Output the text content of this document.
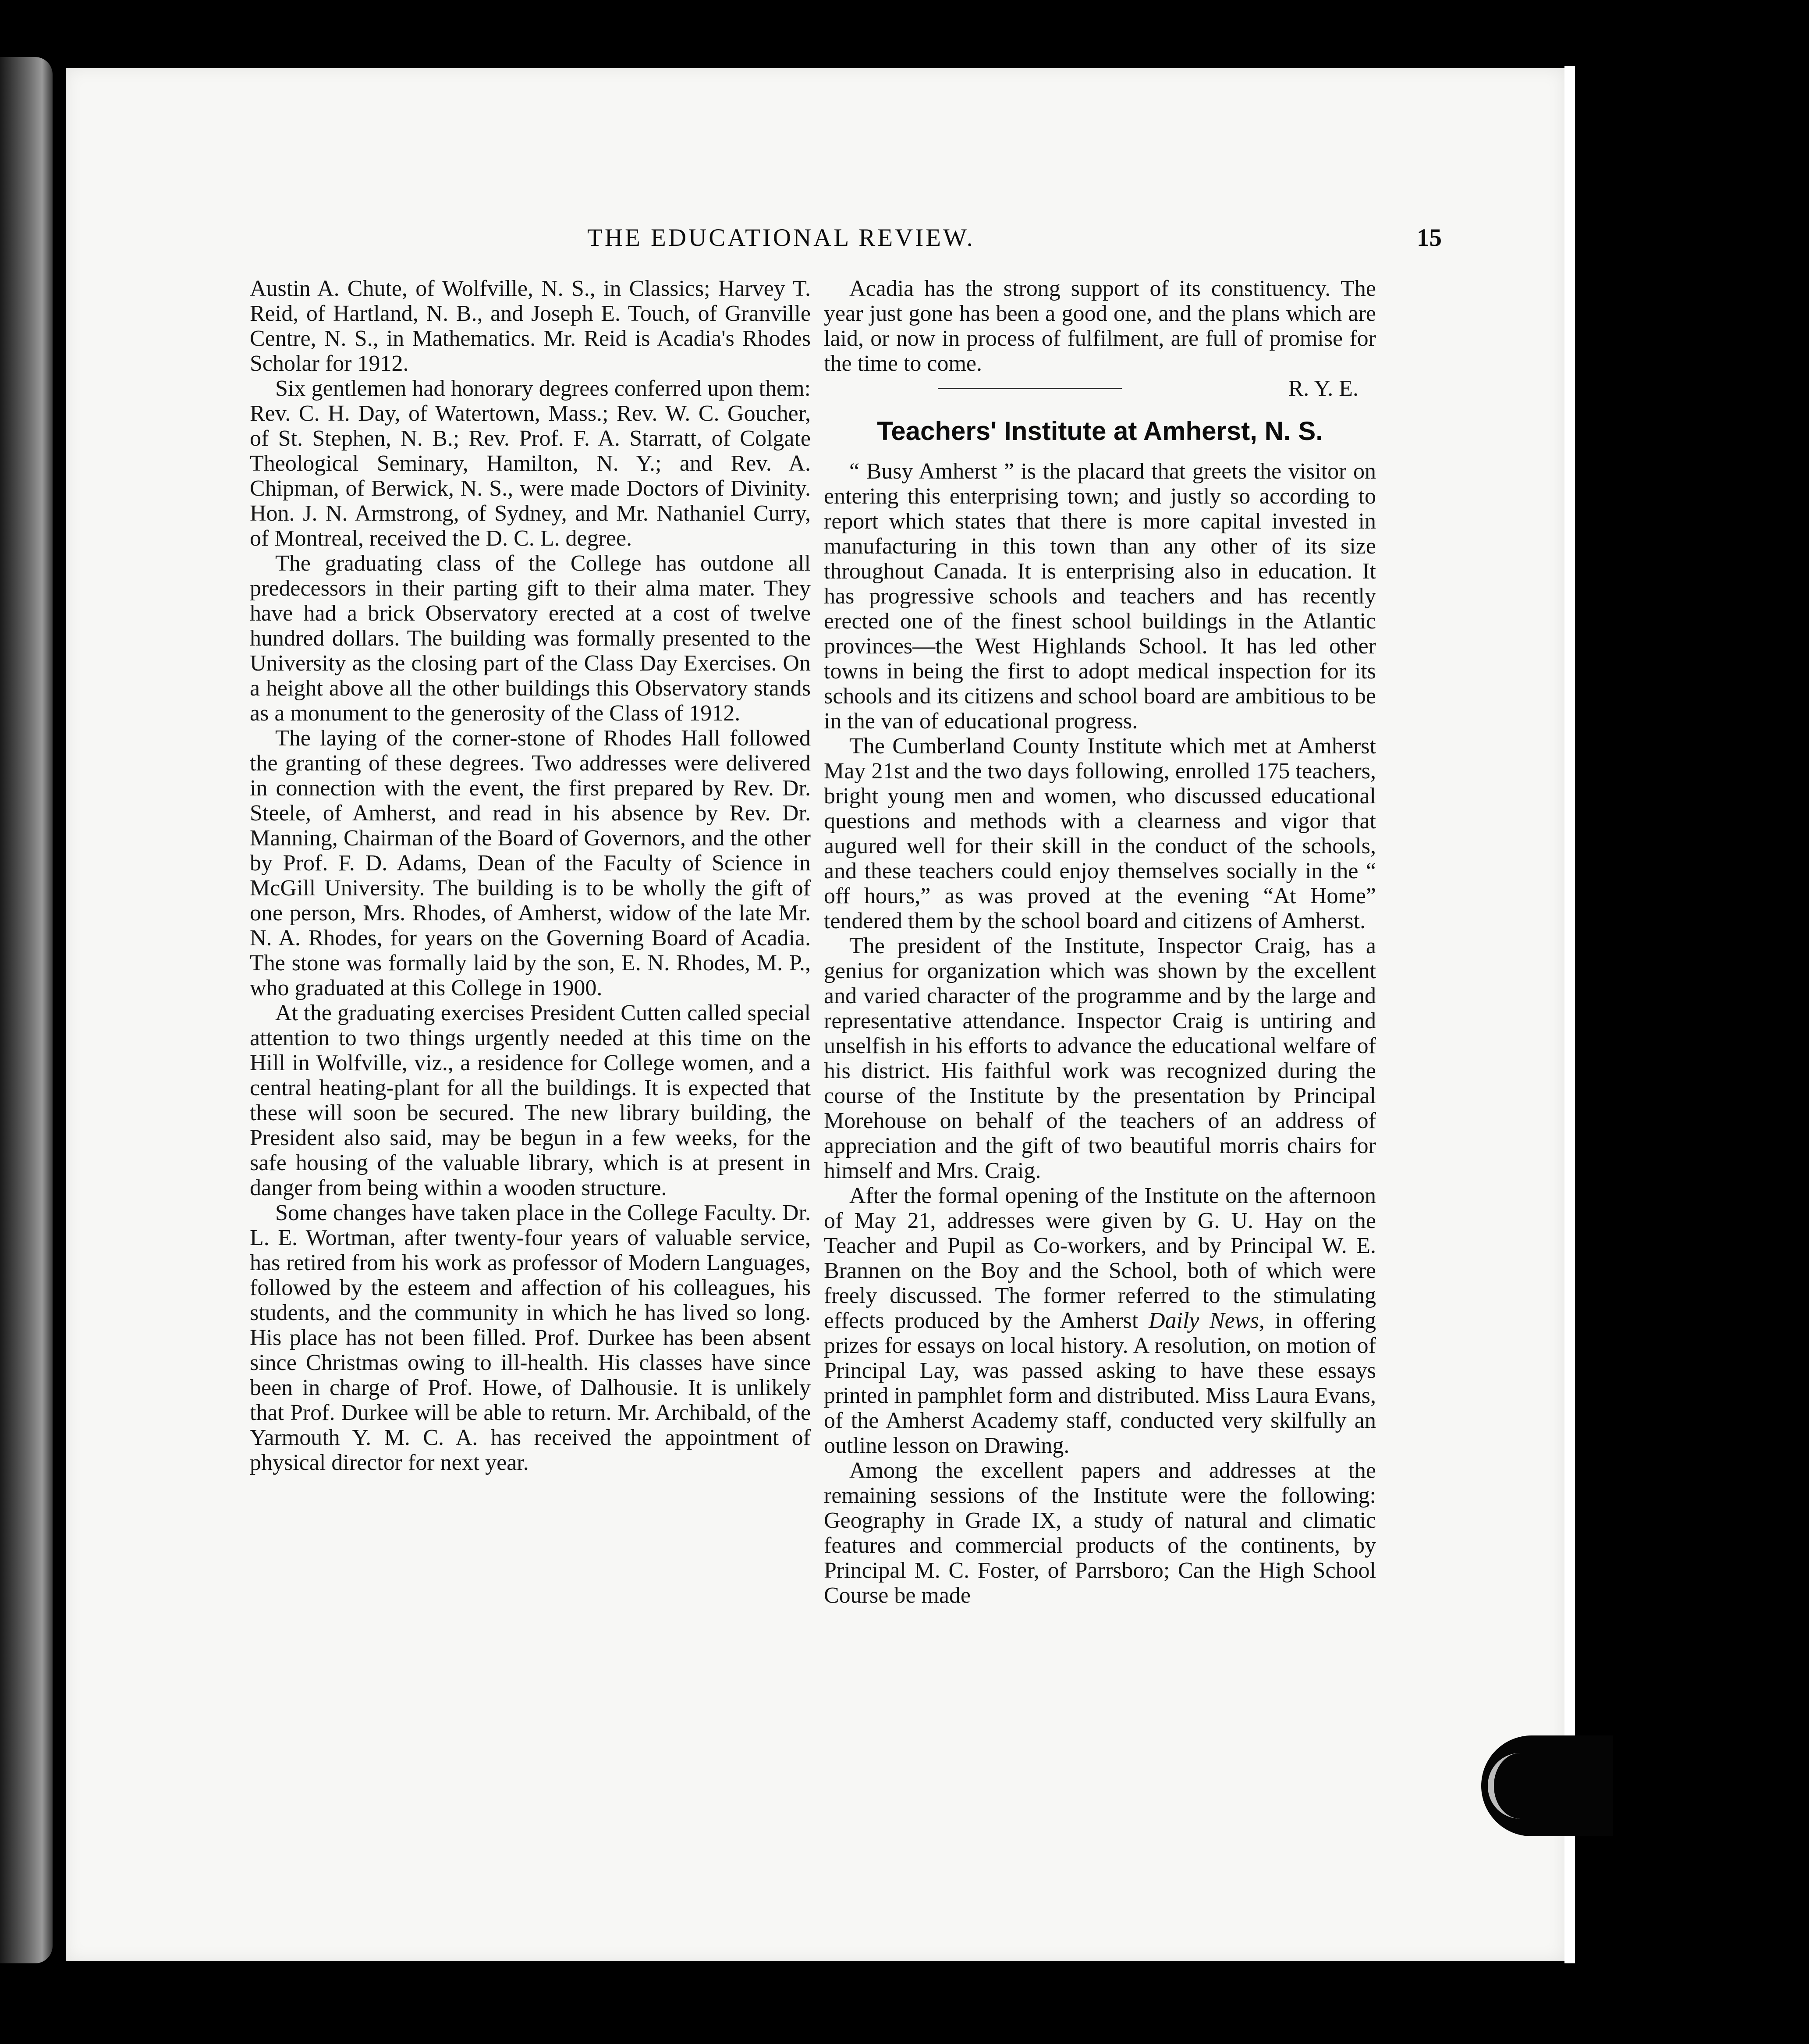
THE EDUCATIONAL REVIEW.	15

Austin A. Chute, of Wolfville, N. S., in Classics; Harvey T. Reid, of Hartland, N. B., and Joseph E. Touch, of Granville Centre, N. S., in Mathematics. Mr. Reid is Acadia's Rhodes Scholar for 1912.

Six gentlemen had honorary degrees conferred upon them: Rev. C. H. Day, of Watertown, Mass.; Rev. W. C. Goucher, of St. Stephen, N. B.; Rev. Prof. F. A. Starratt, of Colgate Theological Seminary, Hamilton, N. Y.; and Rev. A. Chipman, of Berwick, N. S., were made Doctors of Divinity. Hon. J. N. Armstrong, of Sydney, and Mr. Nathaniel Curry, of Montreal, received the D. C. L. degree.

The graduating class of the College has outdone all predecessors in their parting gift to their alma mater. They have had a brick Observatory erected at a cost of twelve hundred dollars. The building was formally presented to the University as the closing part of the Class Day Exercises. On a height above all the other buildings this Observatory stands as a monument to the generosity of the Class of 1912.

The laying of the corner-stone of Rhodes Hall followed the granting of these degrees. Two addresses were delivered in connection with the event, the first prepared by Rev. Dr. Steele, of Amherst, and read in his absence by Rev. Dr. Manning, Chairman of the Board of Governors, and the other by Prof. F. D. Adams, Dean of the Faculty of Science in McGill University. The building is to be wholly the gift of one person, Mrs. Rhodes, of Amherst, widow of the late Mr. N. A. Rhodes, for years on the Governing Board of Acadia. The stone was formally laid by the son, E. N. Rhodes, M. P., who graduated at this College in 1900.

At the graduating exercises President Cutten called special attention to two things urgently needed at this time on the Hill in Wolfville, viz., a residence for College women, and a central heating-plant for all the buildings. It is expected that these will soon be secured. The new library building, the President also said, may be begun in a few weeks, for the safe housing of the valuable library, which is at present in danger from being within a wooden structure.

Some changes have taken place in the College Faculty. Dr. L. E. Wortman, after twenty-four years of valuable service, has retired from his work as professor of Modern Languages, followed by the esteem and affection of his colleagues, his students, and the community in which he has lived so long. His place has not been filled. Prof. Durkee has been absent since Christmas owing to ill-health. His classes have since been in charge of Prof. Howe, of Dalhousie. It is unlikely that Prof. Durkee will be able to return. Mr. Archibald, of the Yarmouth Y. M. C. A. has received the appointment of physical director for next year.

Acadia has the strong support of its constituency. The year just gone has been a good one, and the plans which are laid, or now in process of fulfilment, are full of promise for the time to come.

R. Y. E.
Teachers' Institute at Amherst, N. S.

“ Busy Amherst ” is the placard that greets the visitor on entering this enterprising town; and justly so according to report which states that there is more capital invested in manufacturing in this town than any other of its size throughout Canada. It is enterprising also in education. It has progressive schools and teachers and has recently erected one of the finest school buildings in the Atlantic provinces—the West Highlands School. It has led other towns in being the first to adopt medical inspection for its schools and its citizens and school board are ambitious to be in the van of educational progress.

The Cumberland County Institute which met at Amherst May 21st and the two days following, enrolled 175 teachers, bright young men and women, who discussed educational questions and methods with a clearness and vigor that augured well for their skill in the conduct of the schools, and these teachers could enjoy themselves socially in the “ off hours,” as was proved at the evening “At Home” tendered them by the school board and citizens of Amherst.

The president of the Institute, Inspector Craig, has a genius for organization which was shown by the excellent and varied character of the programme and by the large and representative attendance. Inspector Craig is untiring and unselfish in his efforts to advance the educational welfare of his district. His faithful work was recognized during the course of the Institute by the presentation by Principal Morehouse on behalf of the teachers of an address of appreciation and the gift of two beautiful morris chairs for himself and Mrs. Craig.

After the formal opening of the Institute on the afternoon of May 21, addresses were given by G. U. Hay on the Teacher and Pupil as Co-workers, and by Principal W. E. Brannen on the Boy and the School, both of which were freely discussed. The former referred to the stimulating effects produced by the Amherst Daily News, in offering prizes for essays on local history. A resolution, on motion of Principal Lay, was passed asking to have these essays printed in pamphlet form and distributed. Miss Laura Evans, of the Amherst Academy staff, conducted very skilfully an outline lesson on Drawing.

Among the excellent papers and addresses at the remaining sessions of the Institute were the following: Geography in Grade IX, a study of natural and climatic features and commercial products of the continents, by Principal M. C. Foster, of Parrsboro; Can the High School Course be made
